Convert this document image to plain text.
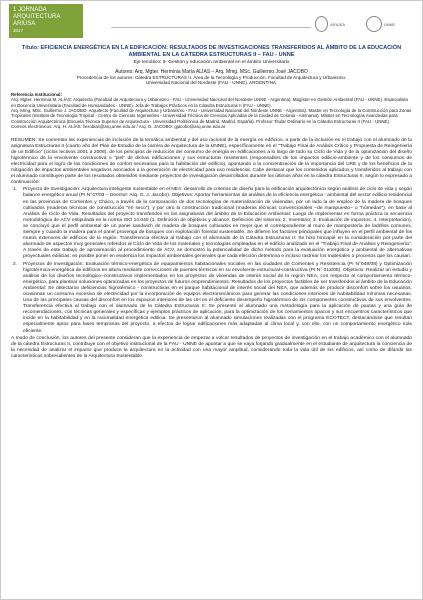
1 JORNADA
ARQUITECTURA
ARIUSA
2017
ARIUSA	UNNE

Título: EFICIENCIA ENERGÉTICA EN LA EDIFICACIÓN: RESULTADOS DE INVESTIGACIONES TRANSFERIDOS AL ÁMBITO DE LA EDUCACIÓN AMBIENTAL EN LA CÁTEDRA ESTRUCTURAS II – FAU - UNNE

Eje temático: 5- Gestión y educación ambiental en el ámbito Universitario
Autores: Arq. Mgter. Herminia María ALÍAS – Arq. Mmg. MSc. Guillermo José JACOBO
Procedencia de los autores: Cátedra ESTRUCTURAS II. Área de la Tecnología y Producción. Facultad de Arquitectura y Urbanismo.
Universidad Nacional del Nordeste (FAU - UNNE). ARGENTINA.

Referencia Institucional:

Arq. Mgter. Herminia M. ALÍAS: Arquitecta (Facultad de Arquitectura y Urbanismo - FAU - Universidad Nacional del Nordeste UNNE - Argentina). Magíster en Gestión Ambiental (FAU - UNNE). Especialista en Docencia Universitaria (Facultad de Humanidades - UNNE). Jefa de Trabajos Prácticos en la Cátedra Estructuras II (FAU - UNNE).

Arq. Mmg. MSc. Guillermo J. JACOBO: Arquitecto (Facultad de Arquitectura y Urbanismo - FAU - Universidad Nacional del Nordeste UNNE - Argentina). Master en Tecnología de la Construcción para Zonas Tropicales (Instituto de Tecnología Tropical - Centro de Ciencias Ingenieriles - Universidad Técnica de Ciencias Aplicadas de la Ciudad de Colonia - Alemania). Máster en Tecnologías Avanzadas para Construcción Arquitectónica (Escuela Técnica Superior de Arquitectura - Universidad Politécnica de Madrid, Madrid, España). Profesor Titular Ordinario en la Cátedra Estructuras II (FAU - UNNE).

Correos electrónicos: Arq. H. ALÍAS: herobias@arq.unne.edu.ar / Arq. G. JACOBO: gjacobo@arq.unne.edu.ar

RESUMEN: Se comentan las experiencias de inclusión de la temática ambiental y del uso racional de la energía en edificios, a partir de la inclusión en el trabajo con el alumnado de la asignatura Estructuras II (cuarto año del Plan de Estudio de la carrera de Arquitectura de la UNNE), específicamente en el "Trabajo Final de Análisis Crítico y Propuesta de Reingeniería de un Edificio" (ciclos lectivos 2001 a 2008), de los principios de reducción del consumo de energía en edificaciones a lo largo de todo su Ciclo de Vida y de la optimización del diseño higrotérmico de la envolvente constructiva o "piel" de dichas edificaciones y sus estructuras resistentes (responsables de los impactos edilicio-ambiente y de los consumos de electricidad para el logro de las condiciones de confort necesarias para la habitación del edificio), apuntando a la concientización de la importancia del URE y de los beneficios de la mitigación de impactos ambientales negativos asociados a la generación de electricidad para uso residencial. Cabe destacar que los contenidos aplicados y transferidos al trabajo con el alumnado constituyen parte de los resultados obtenidos mediante proyectos de investigación desarrollados durante los últimos años en la cátedra Estructuras II, según lo expresado a continuación:

1. Proyecto de Investigación: Arquitectura inteligente sustentable en el NEA: desarrollo de criterios de diseño para la edificación arquitectónica según análisis de ciclo de vida y según balance energético anual (PI N°47/03 – Director: Arq. G. J. Jacobo). Objetivos: Aportar herramientas de análisis de la eficiencia energética - ambiental del sector edilicio residencial en las provincias de Corrientes y Chaco, a través de la comparación de dos tecnologías de materialización de viviendas, por un lado la de empleo de la madera de bosques cultivados (maderas técnicas de construcción "en seco"), y por otro la construcción tradicional (maderas técnicas convencionales –de mampuesto– o "húmedas"), en base al Análisis de Ciclo de Vida. Resultados del proyecto transferidos en las asignaturas del ámbito de la Educación Ambiental: Luego de implementar en forma práctica la secuencia metodológica de ACV estipulada en la norma ISO 14.040 (1. Definición de objetivos y alcance, Definición del sistema; 2. Inventario; 3. Evaluación de impactos; 4. Interpretación), se concluyó que el perfil ambiental de un panel sandwich de madera de bosques cultivados es mejor que el correspondiente al muro de mampostería de ladrillos comunes, siempre y cuando la madera para el panel provenga de bosques con explotación forestal sustentable. Se difieren los factores principales que influyen en el perfil ambiental de los muros exteriores de edificios de la región. Transferencia efectiva al trabajo con el alumnado de la Cátedra Estructuras II: Se hizo hincapié en la consideración por parte del alumnado de aspectos muy generales referidos al Ciclo de Vida de los materiales y tecnologías empleadas en el edificio analizado en el "Trabajo Final de Análisis y Reingeniería". A través de este trabajo de aproximación al procedimiento de ACV, se demostró la potencialidad de dicho método para la evaluación energética y ambiental de alternativas proyectuales edilicias: es posible poner en evidencia los impactos ambientales generales que cada elección determina e incluso rastrear los materiales o procesos que los causan.

2. Proyectos de Investigación: Evaluación térmico-energética de equipamientos habitacionales sociales en las ciudades de Corrientes y Resistencia (PI N°048/08) y Optimización higrotérmica-energética de edificios en altura mediante correcciones de puentes térmicos en su envolvente estructural-constructiva (PI N° 013/05). Objetivos: Realizar un estudio y análisis de los diseños tecnológico–constructivos implementados en los proyectos de viviendas de interés social de la región NEA, con respecto al comportamiento térmico-energético, para plantear soluciones optimizadas en los proyectos de futuros emprendimientos. Resultados de los proyectos factibles de ser transferidos al ámbito de la Educación Ambiental: Se detectaron deficiencias higrotérmico - constructivas en el parque habitacional de interés social del NEA, que además de producir disconfort sobre los usuarios, ocasionan un consumo excesivo de electricidad por la incorporación de equipos electromecánicos para generar las condiciones interiores de habitabilidad mínimas necesarias. Una de las principales causas del disconfort en los espacios interiores de las UH es el deficiente desempeño higrotérmico de los componentes constructivos de sus envolventes. Transferencia efectiva al trabajo con el alumnado de la Cátedra Estructuras II: Se presentó al alumnado una metodología para la aplicación de pautas y una guía de recomendaciones, con técnicas generales y específicas y ejemplos prácticos de aplicación, para la optimización de los cerramientos opacos y sus encuentros característicos que incide en la habitabilidad y en la racionalidad energética edilicia. Se presentaron al alumnado simulaciones realizadas con el programa ECOTECT, destacándose que resultan especialmente aptos para fases tempranas del proyecto, a efectos de lograr edificaciones más adaptadas al clima local y, con ello, con un comportamiento energético más eficiente.

A modo de conclusión, los autores del presente consideran que la experiencia de empezar a volcar resultados de proyectos de investigación en el trabajo académico con el alumnado de la cátedra Estructuras II, contribuye con el objetivo institucional de la FAU - UNNE de apuntar a que se vaya forjando gradualmente en el estudiante de arquitectura la conciencia de la necesidad de analizar el impacto que produce la arquitectura en la actividad con una mayor amplitud, considerando toda la vida útil de los edificios, así como de difundir las características sobresalientes de la Arquitectura Sustentable.
